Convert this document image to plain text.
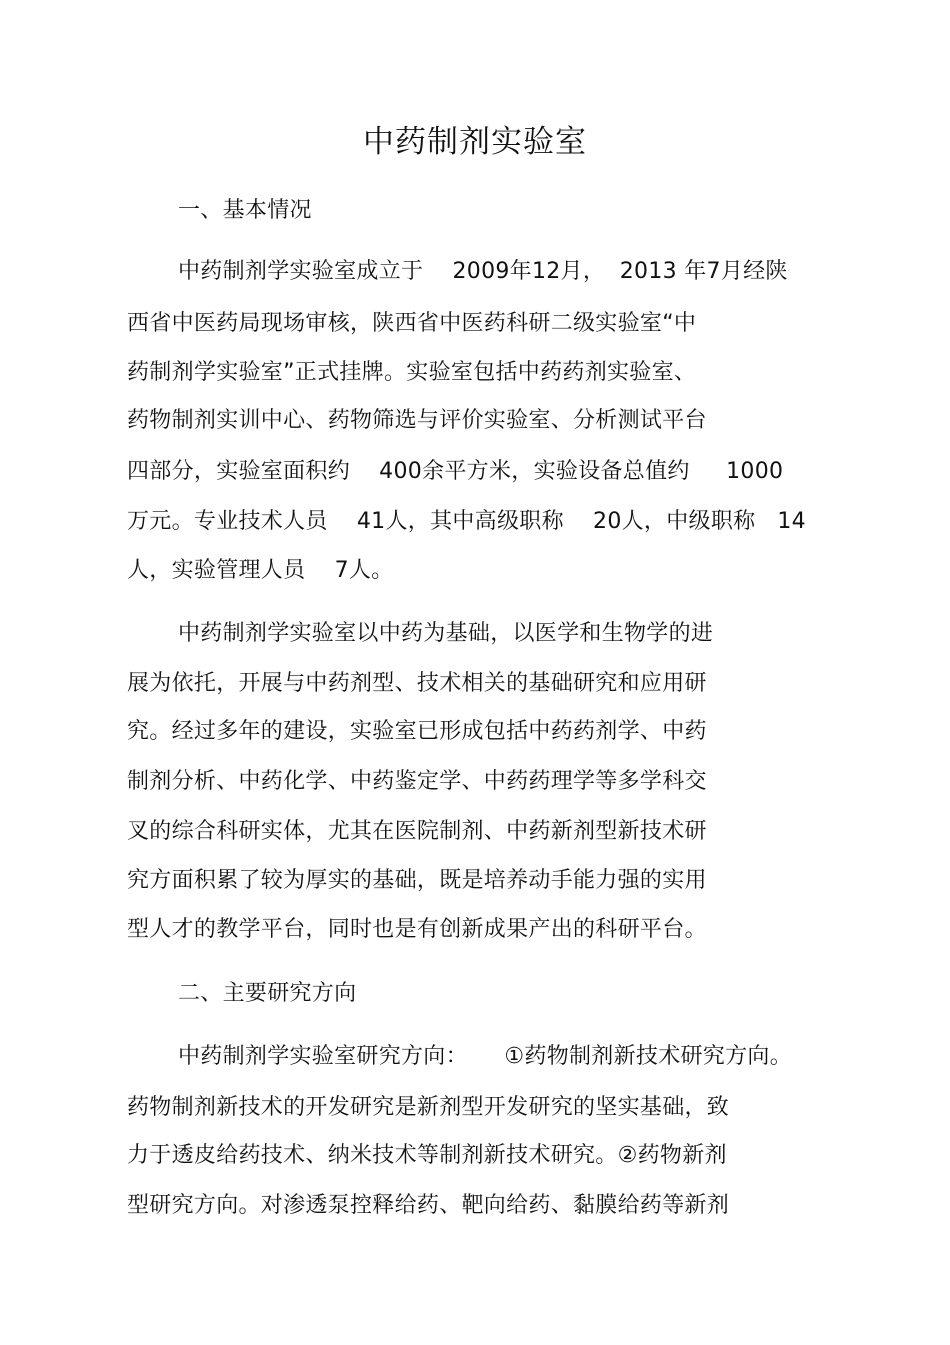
中药制剂实验室
一、基本情况
中药制剂学实验室成立于    2009年12月，  2013 年7月经陕
西省中医药局现场审核，陕西省中医药科研二级实验室“中
药制剂学实验室”正式挂牌。实验室包括中药药剂实验室、
药物制剂实训中心、药物筛选与评价实验室、分析测试平台
四部分，实验室面积约    400余平方米，实验设备总值约     1000
万元。专业技术人员    41人，其中高级职称    20人，中级职称   14
人，实验管理人员    7人。
中药制剂学实验室以中药为基础，以医学和生物学的进
展为依托，开展与中药剂型、技术相关的基础研究和应用研
究。经过多年的建设，实验室已形成包括中药药剂学、中药
制剂分析、中药化学、中药鉴定学、中药药理学等多学科交
叉的综合科研实体，尤其在医院制剂、中药新剂型新技术研
究方面积累了较为厚实的基础，既是培养动手能力强的实用
型人才的教学平台，同时也是有创新成果产出的科研平台。
二、主要研究方向
中药制剂学实验室研究方向：     ①药物制剂新技术研究方向。
药物制剂新技术的开发研究是新剂型开发研究的坚实基础，致
力于透皮给药技术、纳米技术等制剂新技术研究。②药物新剂
型研究方向。对渗透泵控释给药、靶向给药、黏膜给药等新剂
